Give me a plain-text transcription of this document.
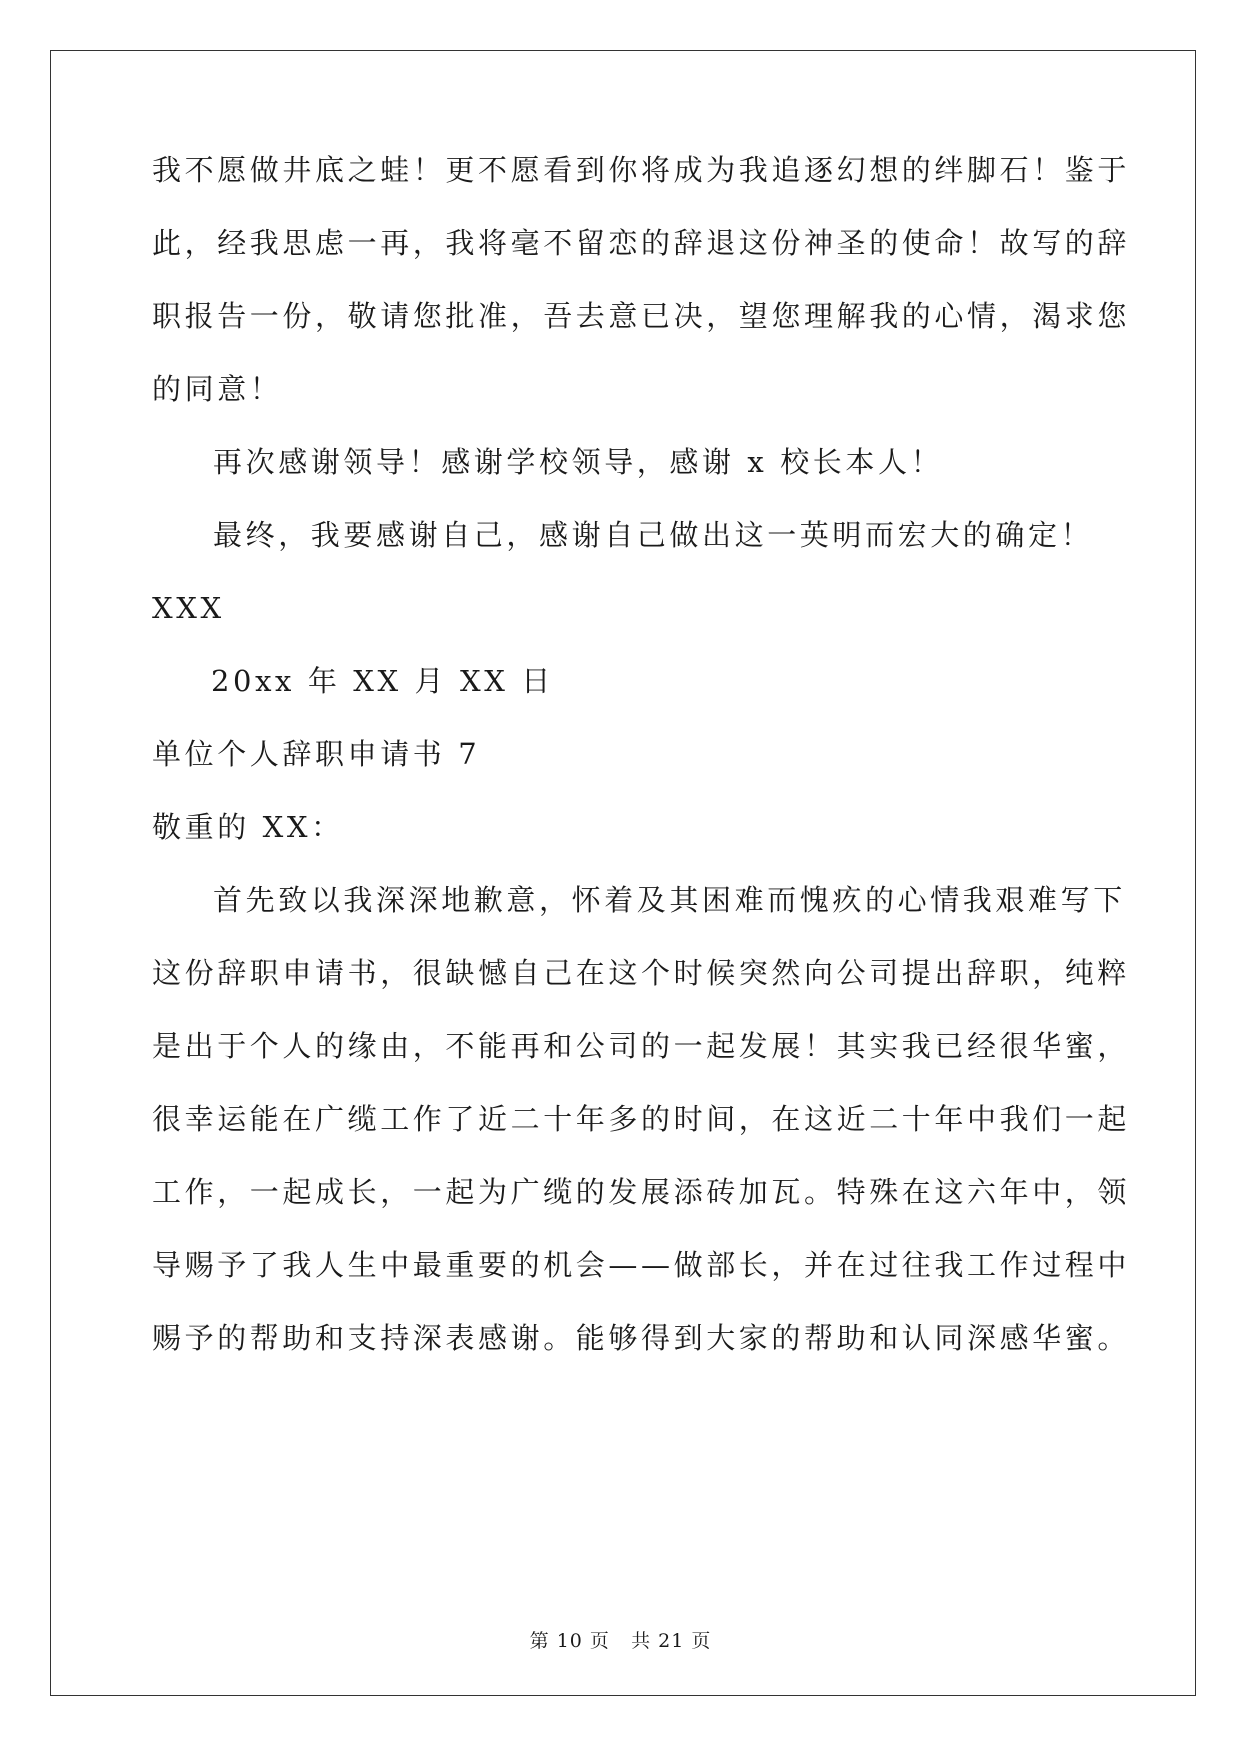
我不愿做井底之蛙！更不愿看到你将成为我追逐幻想的绊脚石！鉴于
此，经我思虑一再，我将毫不留恋的辞退这份神圣的使命！故写的辞
职报告一份，敬请您批准，吾去意已决，望您理解我的心情，渴求您
的同意！
再次感谢领导！感谢学校领导，感谢 x 校长本人！
最终，我要感谢自己，感谢自己做出这一英明而宏大的确定！
XXX
20xx 年 XX 月 XX 日
单位个人辞职申请书 7
敬重的 XX：
首先致以我深深地歉意，怀着及其困难而愧疚的心情我艰难写下
这份辞职申请书，很缺憾自己在这个时候突然向公司提出辞职，纯粹
是出于个人的缘由，不能再和公司的一起发展！其实我已经很华蜜，
很幸运能在广缆工作了近二十年多的时间，在这近二十年中我们一起
工作，一起成长，一起为广缆的发展添砖加瓦。特殊在这六年中，领
导赐予了我人生中最重要的机会——做部长，并在过往我工作过程中
赐予的帮助和支持深表感谢。能够得到大家的帮助和认同深感华蜜。
第 10 页 共 21 页
